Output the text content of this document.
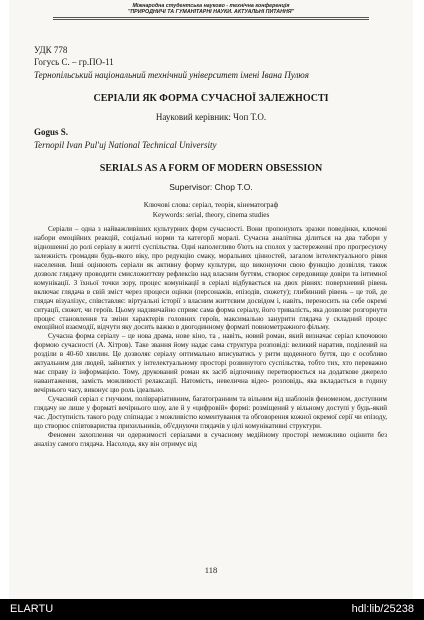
Міжнародна студентська науково - технічна конференція
"ПРИРОДНИЧІ ТА ГУМАНІТАРНІ НАУКИ. АКТУАЛЬНІ ПИТАННЯ"
УДК 778
Гогусь С. – гр.ПО-11
Тернопільський національний технічний університет імені Івана Пулюя
СЕРІАЛИ ЯК ФОРМА СУЧАСНОЇ ЗАЛЕЖНОСТІ
Науковий керівник: Чоп Т.О.
Gogus S.
Ternopil Ivan Pul'uj National Technical University
SERIALS AS A FORM OF MODERN OBSESSION
Supervisor: Chop T.O.
Ключові слова: серіал, теорія, кінематограф
Keywords: serial, theory, cinema studies

Серіали – одна з найважливіших культурних форм сучасності. Вони пропонують зразки поведінки, ключові набори емоційних реакцій, соціальні норми та категорії моралі. Сучасна аналітика ділиться на два табори у відношенні до ролі серіалу в житті суспільства. Одні наполегливо б'ють на сполох у застереженні про прогресуючу залежність громадян будь-якого віку, про редукцію смаку, моральних цінностей, загалом інтелектуального рівня населення. Інші оцінюють серіали як активну форму культури, що виконуючи свою функцію дозвілля, також дозволє глядачу проводити смисложиттєву рефлексію над власним буттям, створює середовище довіри та інтимної комунікації. З їхньої точки зору, процес комунікації в серіалі відбувається на двох рівнях: поверхневий рівень включає глядача в свій зміст через процеси оцінки (персонажів, епізодів, сюжету); глибинний рівень – це той, де глядач візуалізує, співставляє: віртуальні історії з власним життєвим досвідом і, навіть, переносить на себе окремі ситуації, сюжет, чи героїв. Цьому надзвичайно сприяє сама форма серіалу, його тривалість, яка дозволяє розгорнути процес становлення та зміни характерів головних героїв, максимально занурити глядача у складний процес емоційної взаємодії, відчути яку досить важко в двогодинному форматі повнометражного фільму.

Сучасна форма серіалу – це нова драма, нове кіно, та , навіть, новий роман, який визначає серіал ключовою формою сучасності (А. Хітров). Таке звання йому надає сама структура розповіді: великий наратив, поділений на розділи в 40-60 хвилин. Це дозволяє серіалу оптимально вписуватись у ритм щоденного буття, що є особливо актуальним для людей, зайнятих у інтелектуальному просторі розвинутого суспільства, тобто тих, хто переважно має справу із інформацією. Тому, друкований роман як засіб відпочинку перетворюється на додаткове джерело навантаження, замість можливості релаксації. Натомість, невелична відео- розповідь, яка вкладається в годину вечірнього часу, виконує цю роль ідеально.

Сучасний серіал є гнучким, полівраріативним, багатогранним та вільним від шаблонів феноменом, доступним глядачу не лише у форматі вечірнього шоу, але й у «цифровій» формі: розміщений у вільному доступі у будь-який час. Доступність такого роду спіпнадає з можливістю коментування та обговорення кожної окремої серії чи епізоду, що створює співтовариства прихильників, об'єднуючи глядачів у цілі комунікативні структури.

Феномен захоплення чи одержимості серіалами в сучасному медійному просторі неможливо оцінити без аналізу самого глядача. Насолода, яку він отримує від

118
ELARTU	hdl:lib/25238
